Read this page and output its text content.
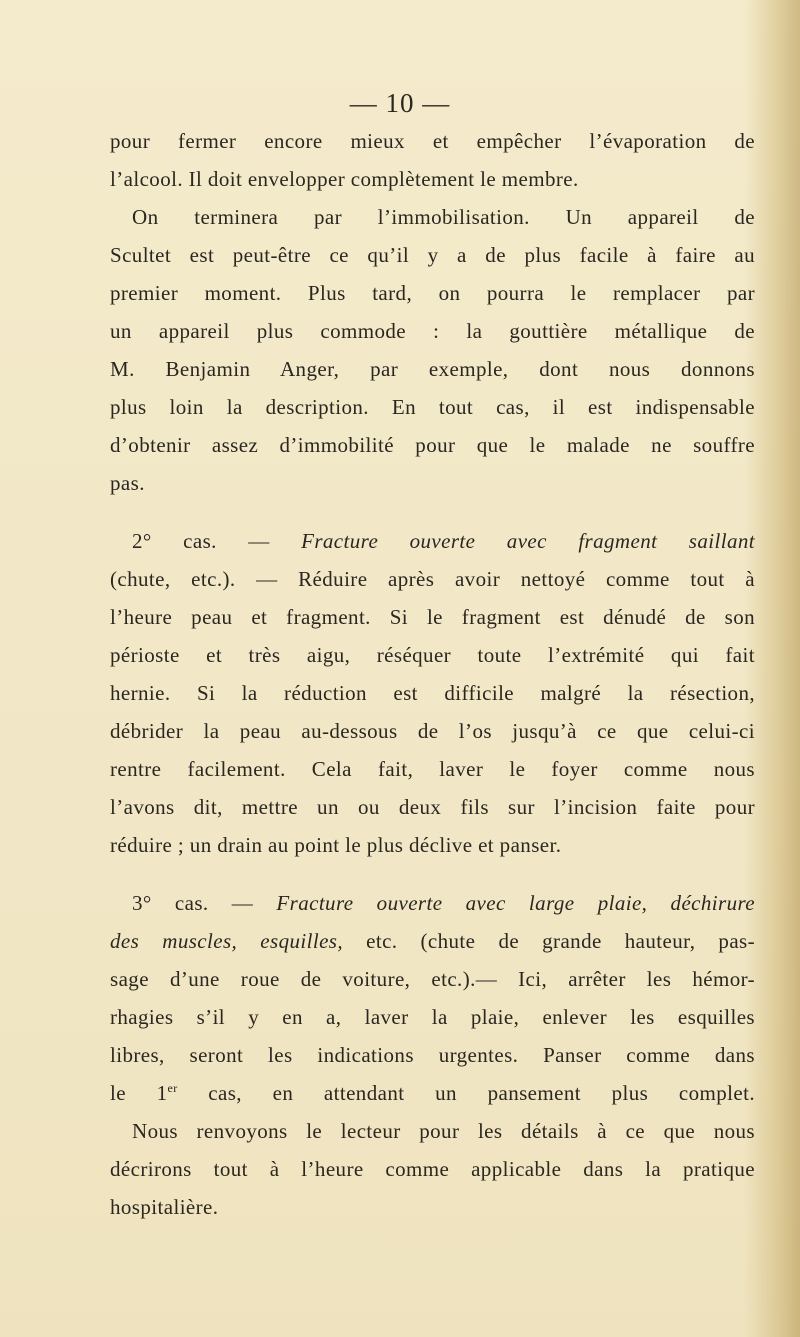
— 10 —
pour fermer encore mieux et empêcher l’évaporation de
l’alcool. Il doit envelopper complètement le membre.
On terminera par l’immobilisation. Un appareil de
Scultet est peut-être ce qu’il y a de plus facile à faire au
premier moment. Plus tard, on pourra le remplacer par
un appareil plus commode : la gouttière métallique de
M. Benjamin Anger, par exemple, dont nous donnons
plus loin la description. En tout cas, il est indispensable
d’obtenir assez d’immobilité pour que le malade ne souffre
pas.
2° cas. — Fracture ouverte avec fragment saillant
(chute, etc.). — Réduire après avoir nettoyé comme tout à
l’heure peau et fragment. Si le fragment est dénudé de son
périoste et très aigu, réséquer toute l’extrémité qui fait
hernie. Si la réduction est difficile malgré la résection,
débrider la peau au-dessous de l’os jusqu’à ce que celui-ci
rentre facilement. Cela fait, laver le foyer comme nous
l’avons dit, mettre un ou deux fils sur l’incision faite pour
réduire ; un drain au point le plus déclive et panser.
3° cas. — Fracture ouverte avec large plaie, déchirure
des muscles, esquilles, etc. (chute de grande hauteur, pas-
sage d’une roue de voiture, etc.).— Ici, arrêter les hémor-
rhagies s’il y en a, laver la plaie, enlever les esquilles
libres, seront les indications urgentes. Panser comme dans
le 1er cas, en attendant un pansement plus complet.
Nous renvoyons le lecteur pour les détails à ce que nous
décrirons tout à l’heure comme applicable dans la pratique
hospitalière.
